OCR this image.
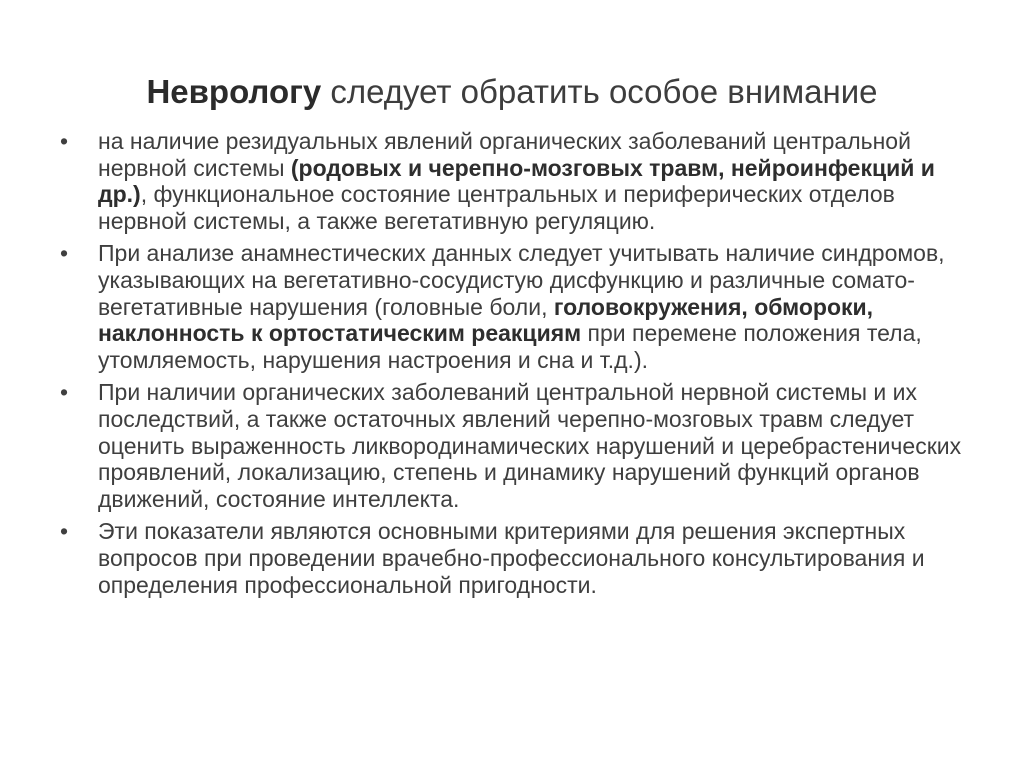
Неврологу следует обратить особое внимание
• на наличие резидуальных явлений органических заболеваний центральной нервной системы (родовых и черепно-мозговых травм, нейроинфекций и др.), функциональное состояние центральных и периферических отделов нервной системы, а также вегетативную регуляцию.
• При анализе анамнестических данных следует учитывать наличие синдромов, указывающих на вегетативно-сосудистую дисфункцию и различные сомато-вегетативные нарушения (головные боли, головокружения, обмороки, наклонность к ортостатическим реакциям при перемене положения тела, утомляемость, нарушения настроения и сна и т.д.).
• При наличии органических заболеваний центральной нервной системы и их последствий, а также остаточных явлений черепно-мозговых травм следует оценить выраженность ликвородинамических нарушений и церебрастенических проявлений, локализацию, степень и динамику нарушений функций органов движений, состояние интеллекта.
• Эти показатели являются основными критериями для решения экспертных вопросов при проведении врачебно-профессионального консультирования и определения профессиональной пригодности.
